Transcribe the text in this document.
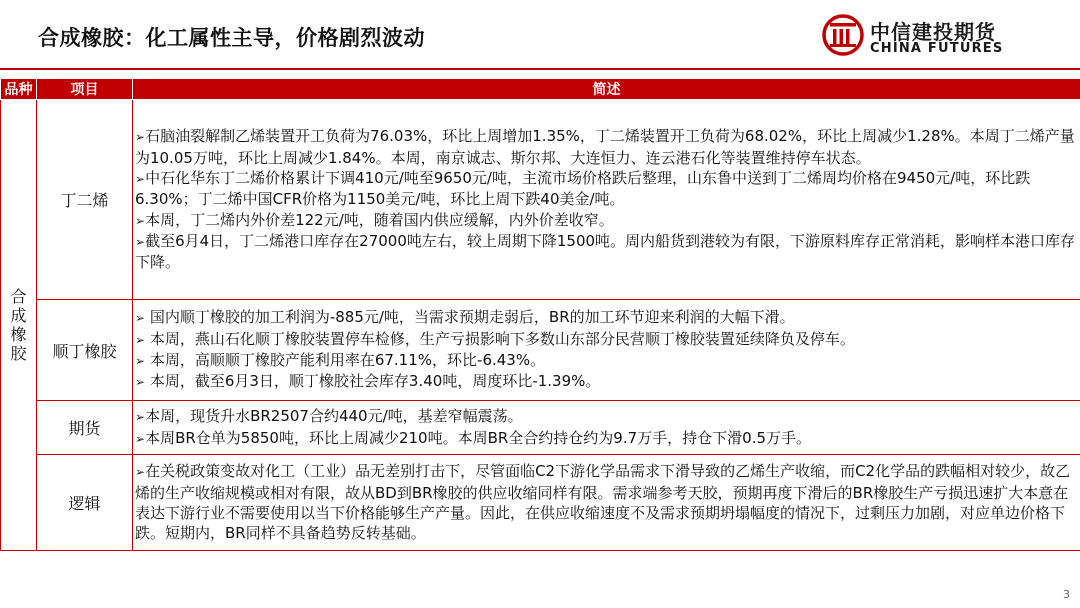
合成橡胶：化工属性主导，价格剧烈波动	中信建投期货
CHINA FUTURES
品种	项目	简述
合成橡胶	丁二烯	➢石脑油裂解制乙烯装置开工负荷为76.03%，环比上周增加1.35%，丁二烯装置开工负荷为68.02%，环比上周减少1.28%。本周丁二烯产量为10.05万吨，环比上周减少1.84%。本周，南京诚志、斯尔邦、大连恒力、连云港石化等装置维持停车状态。
➢中石化华东丁二烯价格累计下调410元/吨至9650元/吨，主流市场价格跌后整理，山东鲁中送到丁二烯周均价格在9450元/吨，环比跌6.30%；丁二烯中国CFR价格为1150美元/吨，环比上周下跌40美金/吨。
➢本周，丁二烯内外价差122元/吨，随着国内供应缓解，内外价差收窄。
➢截至6月4日，丁二烯港口库存在27000吨左右，较上周期下降1500吨。周内船货到港较为有限，下游原料库存正常消耗，影响样本港口库存下降。

	顺丁橡胶	➢ 国内顺丁橡胶的加工利润为-885元/吨，当需求预期走弱后，BR的加工环节迎来利润的大幅下滑。
➢ 本周，燕山石化顺丁橡胶装置停车检修，生产亏损影响下多数山东部分民营顺丁橡胶装置延续降负及停车。
➢ 本周，高顺顺丁橡胶产能利用率在67.11%，环比-6.43%。
➢ 本周，截至6月3日，顺丁橡胶社会库存3.40吨，周度环比-1.39%。

	期货	➢本周，现货升水BR2507合约440元/吨，基差窄幅震荡。
➢本周BR仓单为5850吨，环比上周减少210吨。本周BR全合约持仓约为9.7万手，持仓下滑0.5万手。

	逻辑	➢在关税政策变故对化工（工业）品无差别打击下，尽管面临C2下游化学品需求下滑导致的乙烯生产收缩，而C2化学品的跌幅相对较少，故乙烯的生产收缩规模或相对有限，故从BD到BR橡胶的供应收缩同样有限。需求端参考天胶，预期再度下滑后的BR橡胶生产亏损迅速扩大本意在表达下游行业不需要使用以当下价格能够生产产量。因此，在供应收缩速度不及需求预期坍塌幅度的情况下，过剩压力加剧，对应单边价格下跌。短期内，BR同样不具备趋势反转基础。
3
